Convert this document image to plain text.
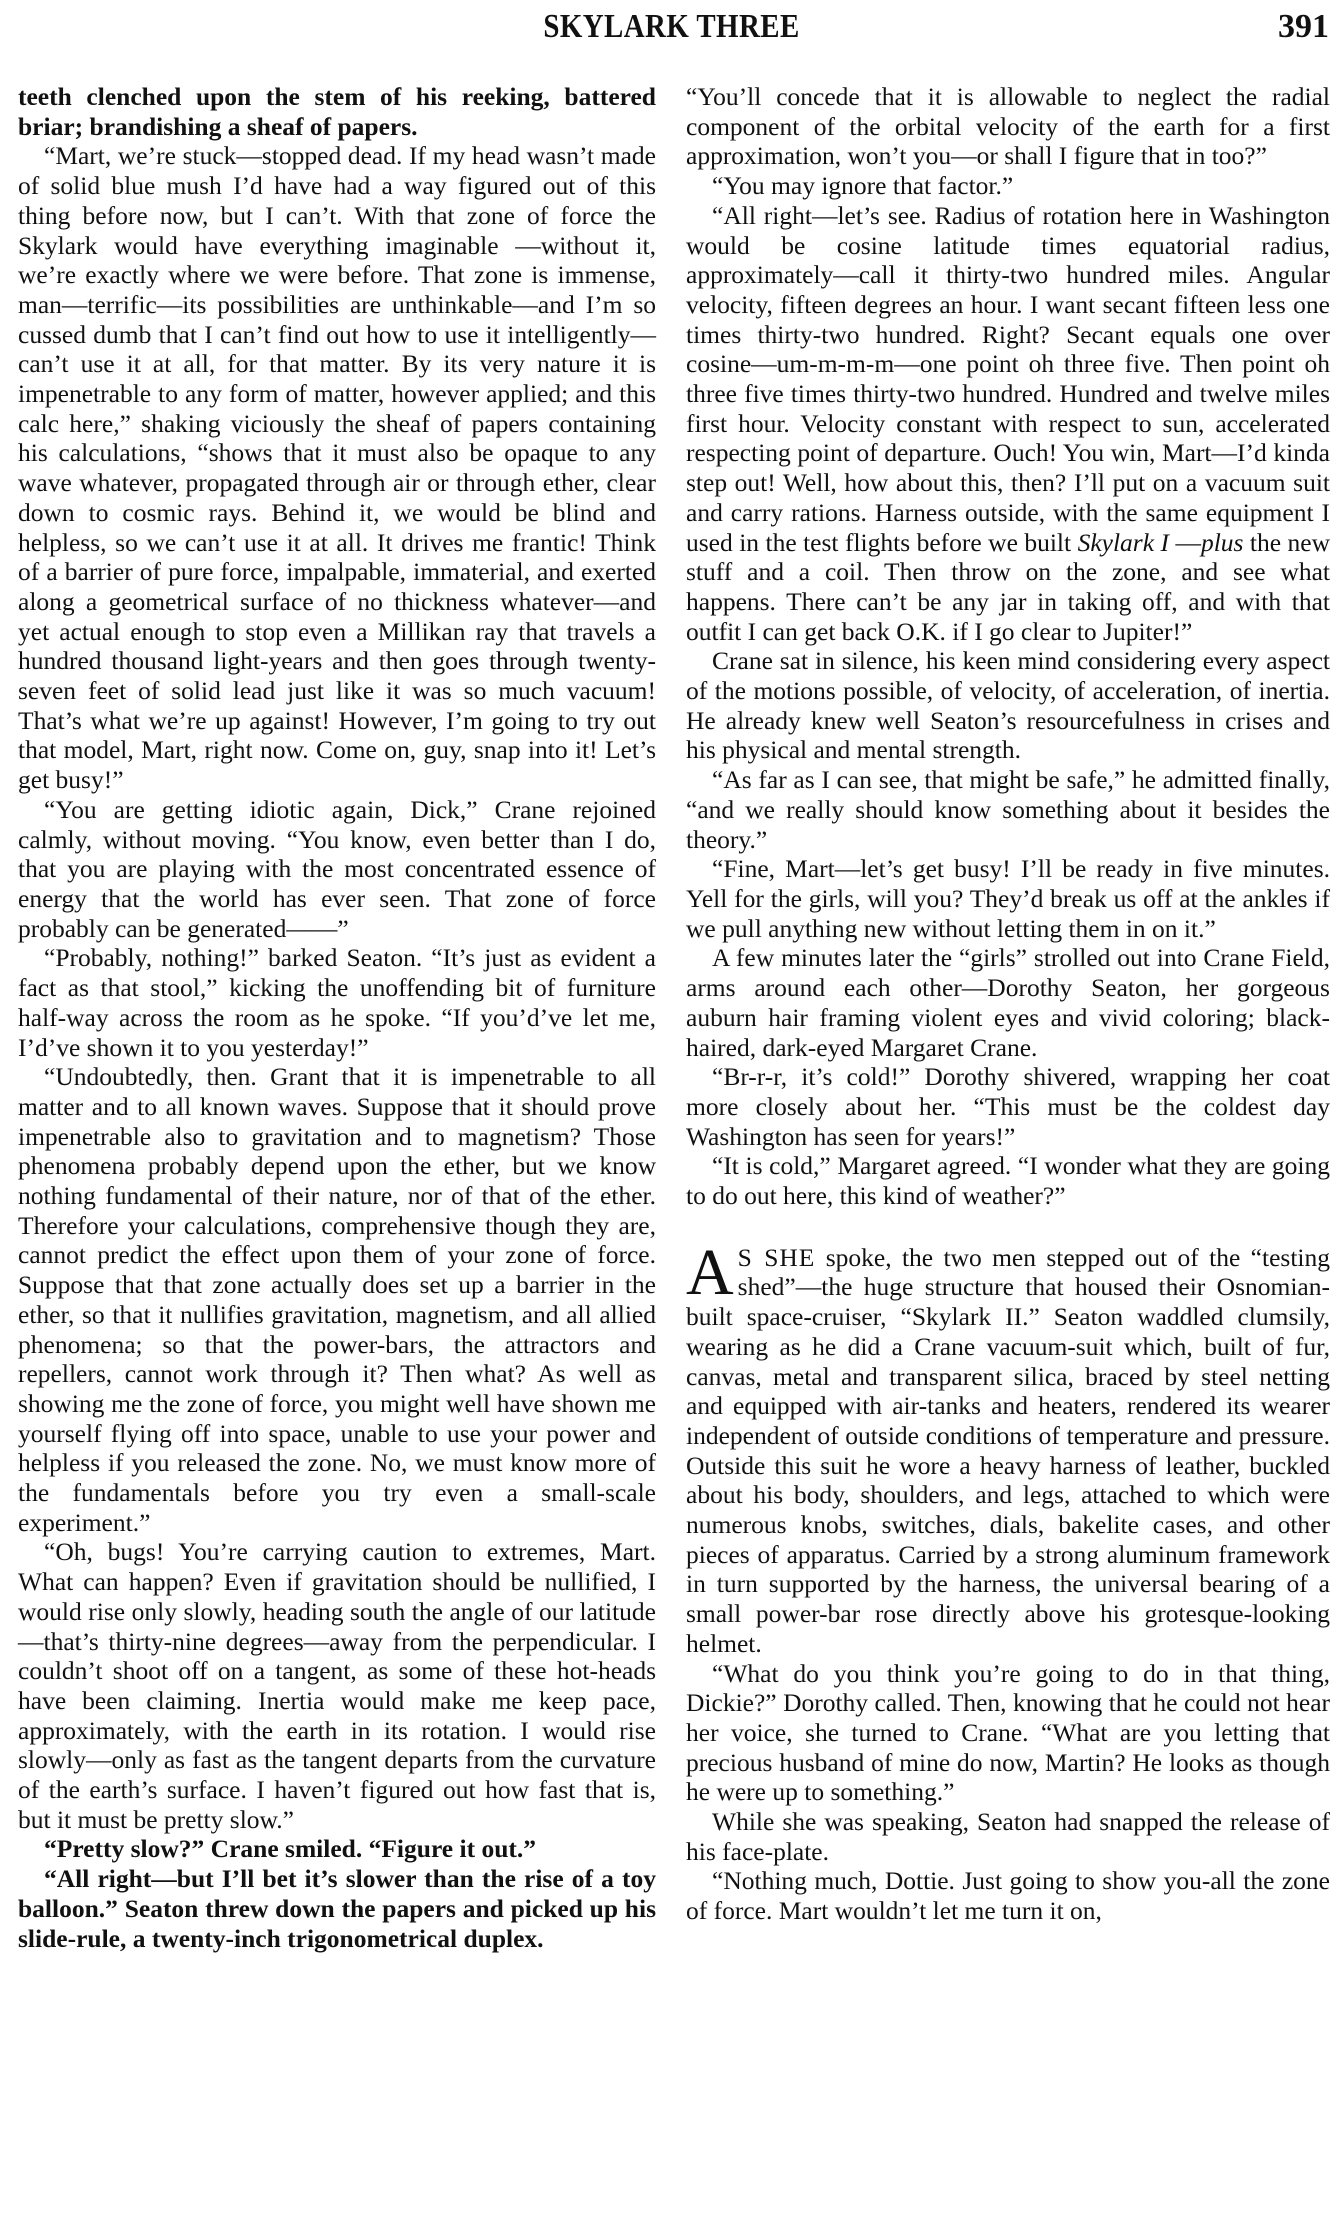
SKYLARK THREE	391

teeth clenched upon the stem of his reeking, battered briar; brandishing a sheaf of papers.

“Mart, we’re stuck—stopped dead. If my head wasn’t made of solid blue mush I’d have had a way figured out of this thing before now, but I can’t. With that zone of force the Skylark would have everything imaginable —without it, we’re exactly where we were before. That zone is immense, man—terrific—its possibilities are unthinkable—and I’m so cussed dumb that I can’t find out how to use it intelligently—can’t use it at all, for that matter. By its very nature it is impenetrable to any form of matter, however applied; and this calc here,” shaking viciously the sheaf of papers containing his calculations, “shows that it must also be opaque to any wave whatever, propagated through air or through ether, clear down to cosmic rays. Behind it, we would be blind and helpless, so we can’t use it at all. It drives me frantic! Think of a barrier of pure force, impalpable, immaterial, and exerted along a geometrical surface of no thickness whatever—and yet actual enough to stop even a Millikan ray that travels a hundred thousand light-years and then goes through twenty-seven feet of solid lead just like it was so much vacuum! That’s what we’re up against! However, I’m going to try out that model, Mart, right now. Come on, guy, snap into it! Let’s get busy!”

“You are getting idiotic again, Dick,” Crane rejoined calmly, without moving. “You know, even better than I do, that you are playing with the most concentrated essence of energy that the world has ever seen. That zone of force probably can be generated——”

“Probably, nothing!” barked Seaton. “It’s just as evident a fact as that stool,” kicking the unoffending bit of furniture half-way across the room as he spoke. “If you’d’ve let me, I’d’ve shown it to you yesterday!”

“Undoubtedly, then. Grant that it is impenetrable to all matter and to all known waves. Suppose that it should prove impenetrable also to gravitation and to magnetism? Those phenomena probably depend upon the ether, but we know nothing fundamental of their nature, nor of that of the ether. Therefore your calculations, comprehensive though they are, cannot predict the effect upon them of your zone of force. Suppose that that zone actually does set up a barrier in the ether, so that it nullifies gravitation, magnetism, and all allied phenomena; so that the power-bars, the attractors and repellers, cannot work through it? Then what? As well as showing me the zone of force, you might well have shown me yourself flying off into space, unable to use your power and helpless if you released the zone. No, we must know more of the fundamentals before you try even a small-scale experiment.”

“Oh, bugs! You’re carrying caution to extremes, Mart. What can happen? Even if gravitation should be nullified, I would rise only slowly, heading south the angle of our latitude—that’s thirty-nine degrees—away from the perpendicular. I couldn’t shoot off on a tangent, as some of these hot-heads have been claiming. Inertia would make me keep pace, approximately, with the earth in its rotation. I would rise slowly—only as fast as the tangent departs from the curvature of the earth’s surface. I haven’t figured out how fast that is, but it must be pretty slow.”

“Pretty slow?” Crane smiled. “Figure it out.”

“All right—but I’ll bet it’s slower than the rise of a toy balloon.” Seaton threw down the papers and picked up his slide-rule, a twenty-inch trigonometrical duplex.

“You’ll concede that it is allowable to neglect the radial component of the orbital velocity of the earth for a first approximation, won’t you—or shall I figure that in too?”

“You may ignore that factor.”

“All right—let’s see. Radius of rotation here in Washington would be cosine latitude times equatorial radius, approximately—call it thirty-two hundred miles. Angular velocity, fifteen degrees an hour. I want secant fifteen less one times thirty-two hundred. Right? Secant equals one over cosine—um-m-m-m—one point oh three five. Then point oh three five times thirty-two hundred. Hundred and twelve miles first hour. Velocity constant with respect to sun, accelerated respecting point of departure. Ouch! You win, Mart—I’d kinda step out! Well, how about this, then? I’ll put on a vacuum suit and carry rations. Harness outside, with the same equipment I used in the test flights before we built Skylark I —plus the new stuff and a coil. Then throw on the zone, and see what happens. There can’t be any jar in taking off, and with that outfit I can get back O.K. if I go clear to Jupiter!”

Crane sat in silence, his keen mind considering every aspect of the motions possible, of velocity, of acceleration, of inertia. He already knew well Seaton’s resourcefulness in crises and his physical and mental strength.

“As far as I can see, that might be safe,” he admitted finally, “and we really should know something about it besides the theory.”

“Fine, Mart—let’s get busy! I’ll be ready in five minutes. Yell for the girls, will you? They’d break us off at the ankles if we pull anything new without letting them in on it.”

A few minutes later the “girls” strolled out into Crane Field, arms around each other—Dorothy Seaton, her gorgeous auburn hair framing violent eyes and vivid coloring; black-haired, dark-eyed Margaret Crane.

“Br-r-r, it’s cold!” Dorothy shivered, wrapping her coat more closely about her. “This must be the coldest day Washington has seen for years!”

“It is cold,” Margaret agreed. “I wonder what they are going to do out here, this kind of weather?”

A S SHE spoke, the two men stepped out of the “testing shed”—the huge structure that housed their Osnomian-built space-cruiser, “Skylark II.” Seaton waddled clumsily, wearing as he did a Crane vacuum-suit which, built of fur, canvas, metal and transparent silica, braced by steel netting and equipped with air-tanks and heaters, rendered its wearer independent of outside conditions of temperature and pressure. Outside this suit he wore a heavy harness of leather, buckled about his body, shoulders, and legs, attached to which were numerous knobs, switches, dials, bakelite cases, and other pieces of apparatus. Carried by a strong aluminum framework in turn supported by the harness, the universal bearing of a small power-bar rose directly above his grotesque-looking helmet.

“What do you think you’re going to do in that thing, Dickie?” Dorothy called. Then, knowing that he could not hear her voice, she turned to Crane. “What are you letting that precious husband of mine do now, Martin? He looks as though he were up to something.”

While she was speaking, Seaton had snapped the release of his face-plate.

“Nothing much, Dottie. Just going to show you-all the zone of force. Mart wouldn’t let me turn it on,
